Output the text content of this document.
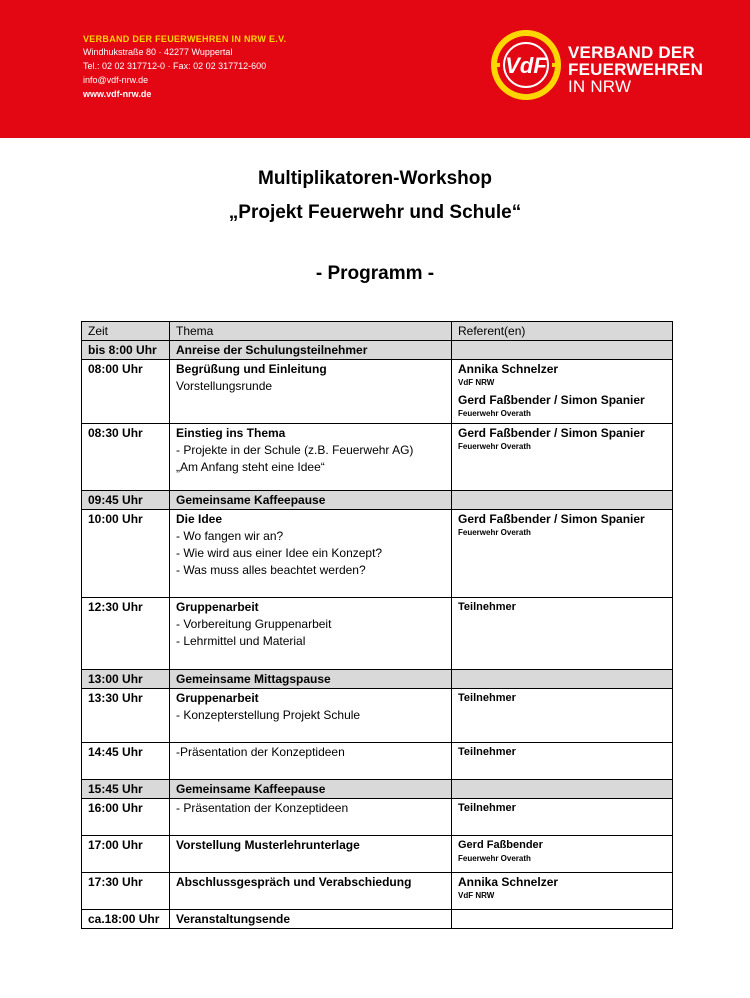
VERBAND DER FEUERWEHREN IN NRW E.V.
Windhukstraße 80 · 42277 Wuppertal
Tel.: 02 02 317712-0 · Fax: 02 02 317712-600
info@vdf-nrw.de
www.vdf-nrw.de
VdF
VERBAND DER
FEUERWEHREN
IN NRW
Multiplikatoren-Workshop
„Projekt Feuerwehr und Schule“
- Programm -
Zeit	Thema	Referent(en)
bis 8:00 Uhr	Anreise der Schulungsteilnehmer	

08:00 Uhr	Begrüßung und Einleitung
Vorstellungsrunde	Annika Schnelzer
VdF NRW
Gerd Faßbender / Simon Spanier
Feuerwehr Overath

08:30 Uhr	Einstieg ins Thema
- Projekte in der Schule (z.B. Feuerwehr AG)
„Am Anfang steht eine Idee“	Gerd Faßbender / Simon Spanier
Feuerwehr Overath

09:45 Uhr	Gemeinsame Kaffeepause	

10:00 Uhr	Die Idee
- Wo fangen wir an?
- Wie wird aus einer Idee ein Konzept?
- Was muss alles beachtet werden?	Gerd Faßbender / Simon Spanier
Feuerwehr Overath

12:30 Uhr	Gruppenarbeit
- Vorbereitung Gruppenarbeit
- Lehrmittel und Material	Teilnehmer

13:00 Uhr	Gemeinsame Mittagspause	

13:30 Uhr	Gruppenarbeit
- Konzepterstellung Projekt Schule	Teilnehmer

14:45 Uhr	-Präsentation der Konzeptideen	Teilnehmer

15:45 Uhr	Gemeinsame Kaffeepause	

16:00 Uhr	- Präsentation der Konzeptideen	Teilnehmer

17:00 Uhr	Vorstellung Musterlehrunterlage	Gerd Faßbender
Feuerwehr Overath

17:30 Uhr	Abschlussgespräch und Verabschiedung	Annika Schnelzer
VdF NRW

ca.18:00 Uhr	Veranstaltungsende	
